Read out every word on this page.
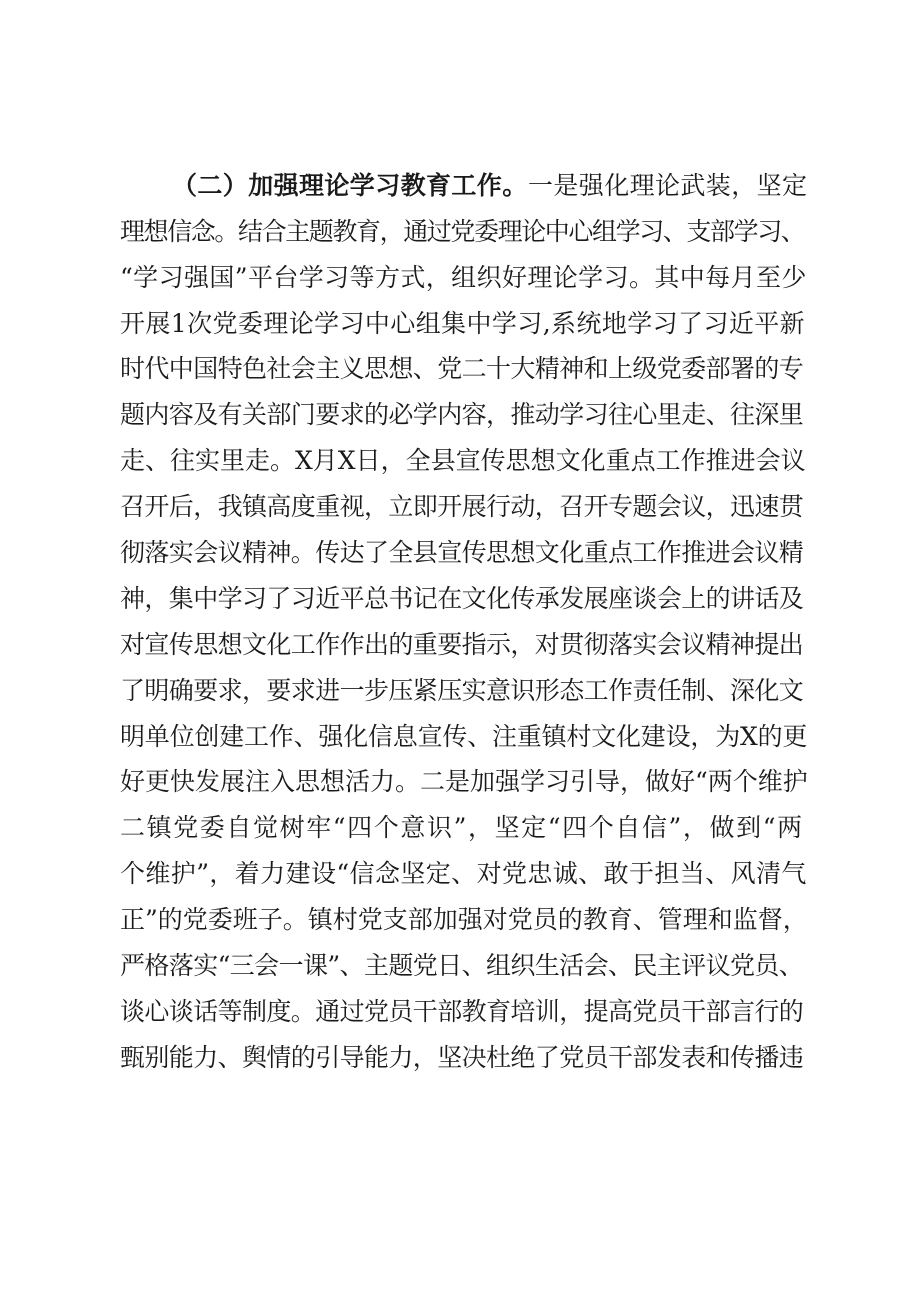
（二）加强理论学习教育工作。 一是强化理论武装，坚定
理想信念。结合主题教育，通过党委理论中心组学习、支部学习、
“学习强国”平台学习等方式，组织好理论学习。其中每月至少
开展1次党委理论学习中心组集中学习,系统地学习了习近平新
时代中国特色社会主义思想、党二十大精神和上级党委部署的专
题内容及有关部门要求的必学内容，推动学习往心里走、往深里
走、往实里走。X月X日，全县宣传思想文化重点工作推进会议
召开后，我镇高度重视，立即开展行动，召开专题会议，迅速贯
彻落实会议精神。传达了全县宣传思想文化重点工作推进会议精
神，集中学习了习近平总书记在文化传承发展座谈会上的讲话及
对宣传思想文化工作作出的重要指示，对贯彻落实会议精神提出
了明确要求，要求进一步压紧压实意识形态工作责任制、深化文
明单位创建工作、强化信息宣传、注重镇村文化建设，为X的更
好更快发展注入思想活力。二是加强学习引导，做好“两个维护
二镇党委自觉树牢“四个意识”，坚定“四个自信”，做到“两
个维护”，着力建设“信念坚定、对党忠诚、敢于担当、风清气
正”的党委班子。镇村党支部加强对党员的教育、管理和监督，
严格落实“三会一课”、主题党日、组织生活会、民主评议党员、
谈心谈话等制度。通过党员干部教育培训，提高党员干部言行的
甄别能力、舆情的引导能力，坚决杜绝了党员干部发表和传播违
